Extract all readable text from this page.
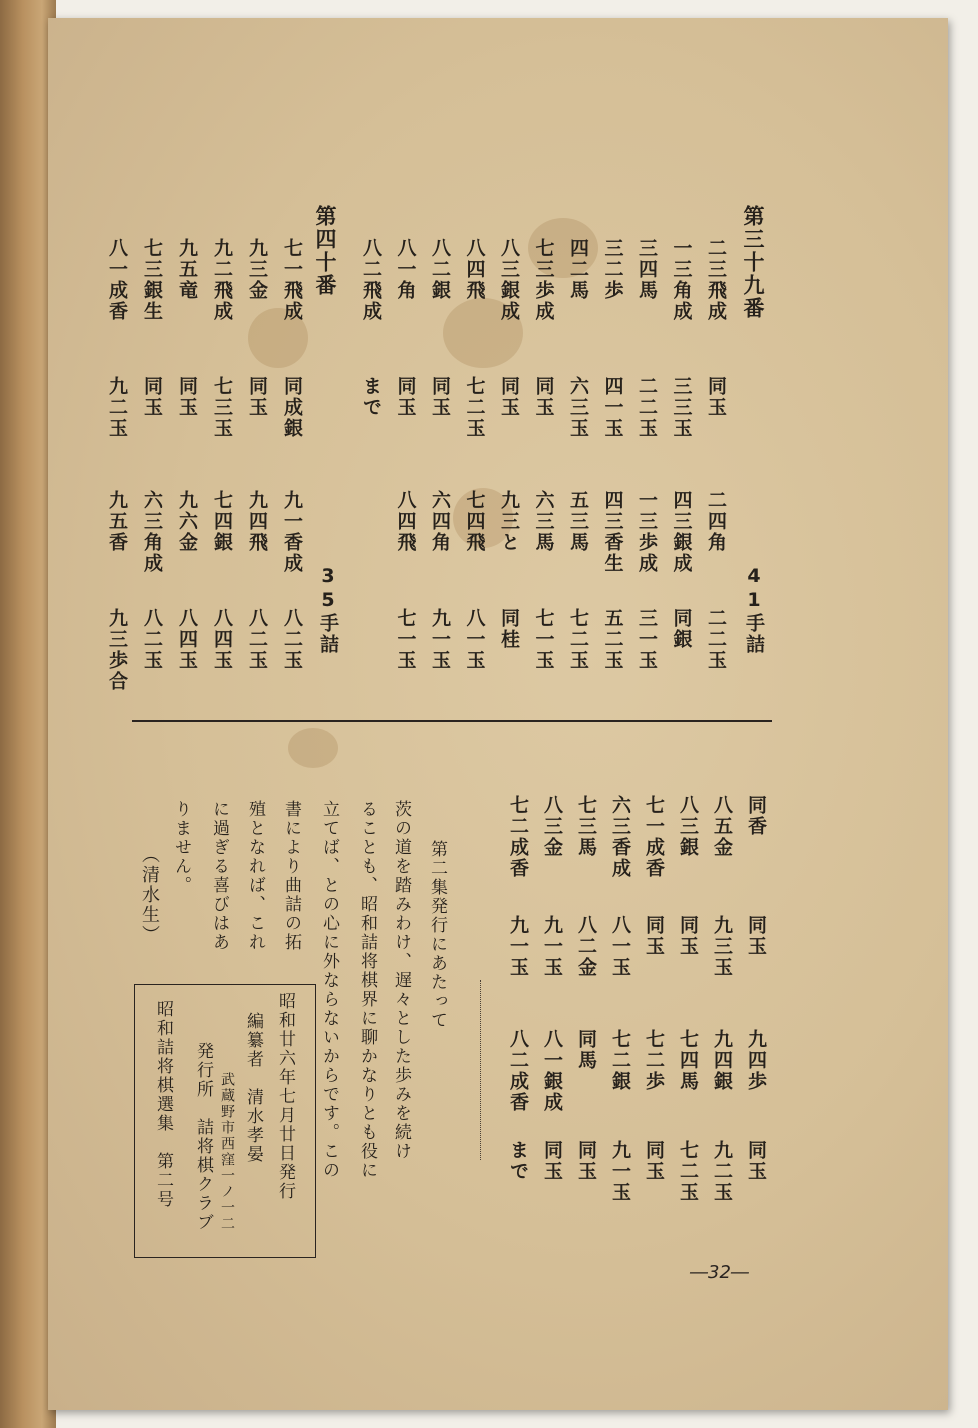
第三十九番
41手詰
二三飛成
同玉
二四角
二二玉
一三角成
三三玉
四三銀成
同銀
三四馬
二二玉
一三歩成
三一玉
三二歩
四一玉
四三香生
五二玉
四二馬
六三玉
五三馬
七二玉
七三歩成
同玉
六三馬
七一玉
八三銀成
同玉
九三と
同桂
八四飛
七二玉
七四飛
八一玉
八二銀
同玉
六四角
九一玉
八一角
同玉
八四飛
七一玉
八二飛成
まで
第四十番
35手詰
七一飛成
同成銀
九一香成
八二玉
九三金
同玉
九四飛
八二玉
九二飛成
七三玉
七四銀
八四玉
九五竜
同玉
九六金
八四玉
七三銀生
同玉
六三角成
八二玉
八一成香
九二玉
九五香
九三歩合
同香
同玉
九四歩
同玉
八五金
九三玉
九四銀
九二玉
八三銀
同玉
七四馬
七二玉
七一成香
同玉
七二歩
同玉
六三香成
八一玉
七二銀
九一玉
七三馬
八二金
同馬
同玉
八三金
九一玉
八一銀成
同玉
七二成香
九一玉
八二成香
まで
第二集発行にあたって
茨の道を踏みわけ、遅々とした歩みを続け
ることも、昭和詰将棋界に聊かなりとも役に
立てば、との心に外ならないからです。この
書により曲詰の拓
殖となれば、これ
に過ぎる喜びはあ
りません。
（清水生）
昭和廿六年七月廿日発行
編纂者　清水孝晏
武蔵野市西窪一ノ一二
発行所　詰将棋クラブ
昭和詰将棋選集　第二号
―32―
